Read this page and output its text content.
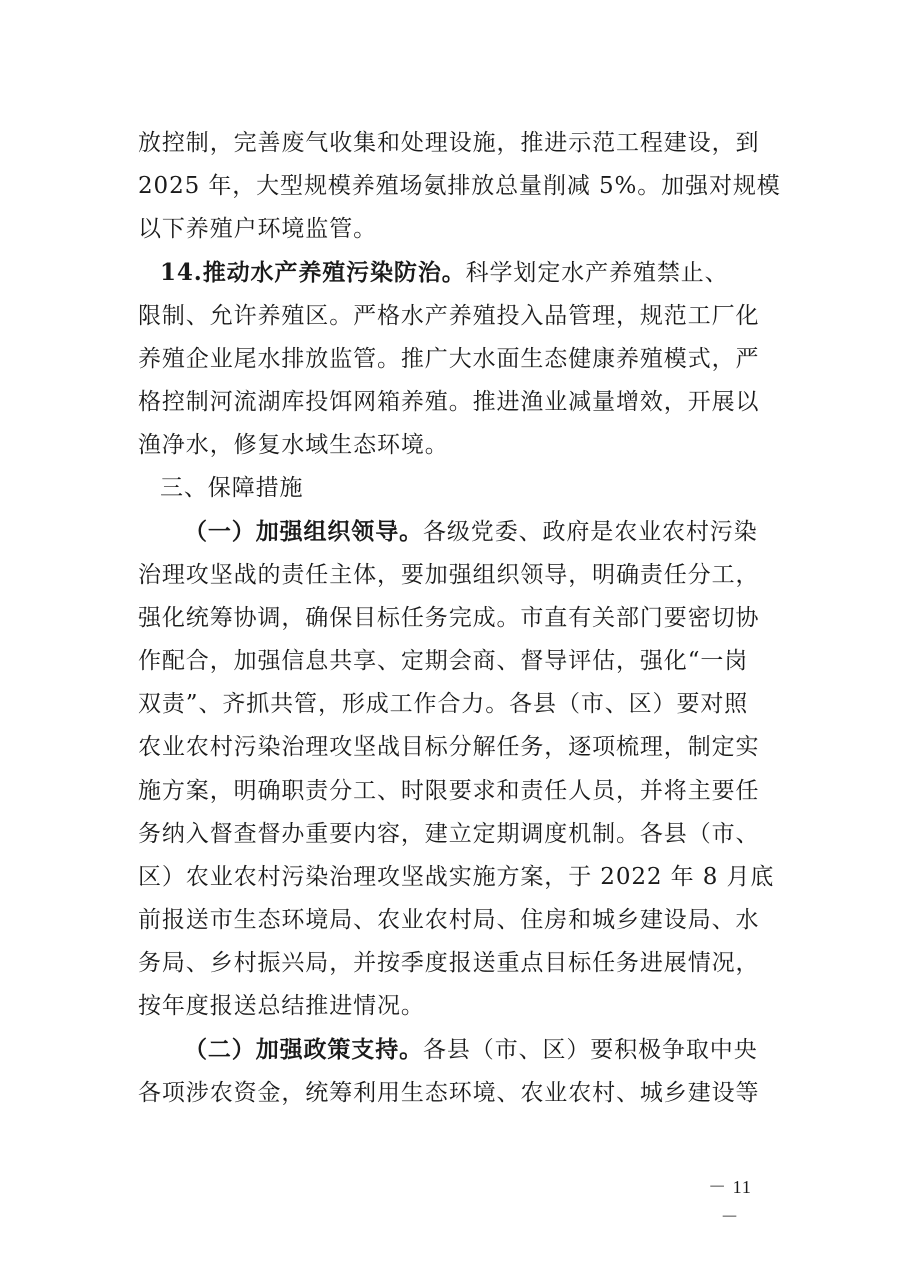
放控制，完善废气收集和处理设施，推进示范工程建设，到
2025 年，大型规模养殖场氨排放总量削减 5%。加强对规模
以下养殖户环境监管。
14.推动水产养殖污染防治。科学划定水产养殖禁止、
限制、允许养殖区。严格水产养殖投入品管理，规范工厂化
养殖企业尾水排放监管。推广大水面生态健康养殖模式，严
格控制河流湖库投饵网箱养殖。推进渔业减量增效，开展以
渔净水，修复水域生态环境。
三、保障措施
（一）加强组织领导。各级党委、政府是农业农村污染
治理攻坚战的责任主体，要加强组织领导，明确责任分工，
强化统筹协调，确保目标任务完成。市直有关部门要密切协
作配合，加强信息共享、定期会商、督导评估，强化“一岗
双责”、齐抓共管，形成工作合力。各县（市、区）要对照
农业农村污染治理攻坚战目标分解任务，逐项梳理，制定实
施方案，明确职责分工、时限要求和责任人员，并将主要任
务纳入督查督办重要内容，建立定期调度机制。各县（市、
区）农业农村污染治理攻坚战实施方案，于 2022 年 8 月底
前报送市生态环境局、农业农村局、住房和城乡建设局、水
务局、乡村振兴局，并按季度报送重点目标任务进展情况，
按年度报送总结推进情况。
（二）加强政策支持。各县（市、区）要积极争取中央
各项涉农资金，统筹利用生态环境、农业农村、城乡建设等
－ 11 －
